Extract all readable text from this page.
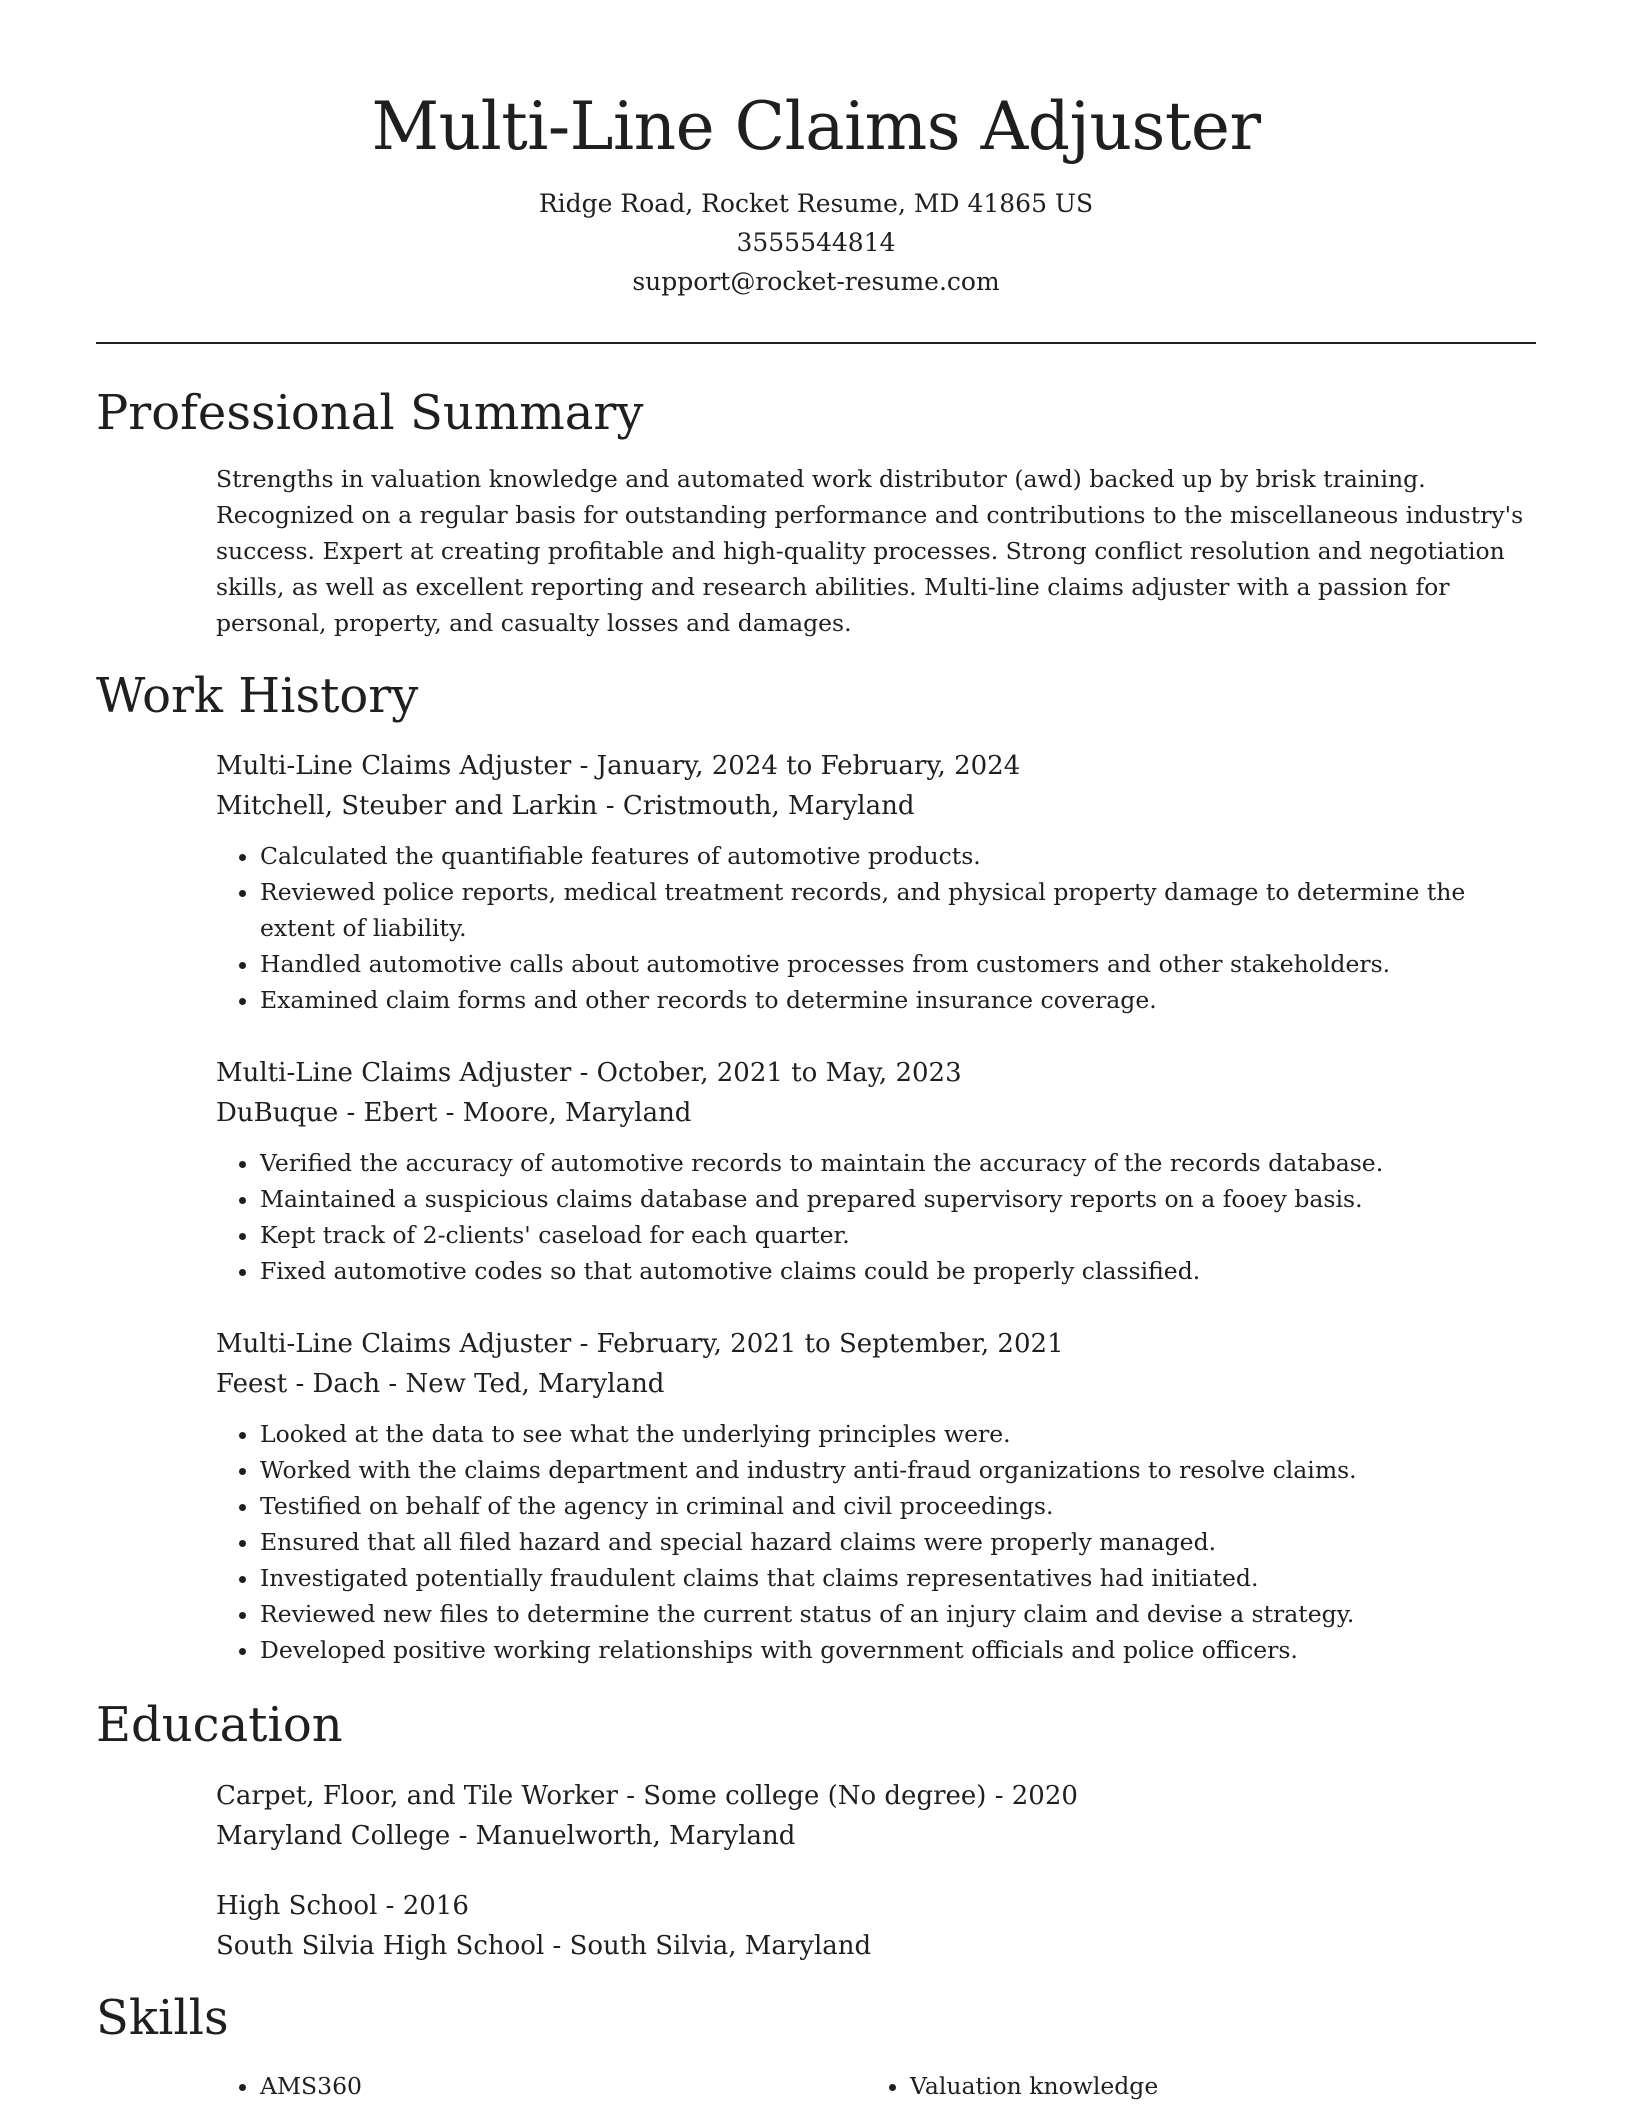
Multi-Line Claims Adjuster
Ridge Road, Rocket Resume, MD 41865 US
3555544814
support@rocket-resume.com
Professional Summary

Strengths in valuation knowledge and automated work distributor (awd) backed up by brisk training. Recognized on a regular basis for outstanding performance and contributions to the miscellaneous industry's success. Expert at creating profitable and high-quality processes. Strong conflict resolution and negotiation skills, as well as excellent reporting and research abilities. Multi-line claims adjuster with a passion for personal, property, and casualty losses and damages.

Work History
Multi-Line Claims Adjuster - January, 2024 to February, 2024
Mitchell, Steuber and Larkin - Cristmouth, Maryland
• Calculated the quantifiable features of automotive products.
• Reviewed police reports, medical treatment records, and physical property damage to determine the extent of liability.
• Handled automotive calls about automotive processes from customers and other stakeholders.
• Examined claim forms and other records to determine insurance coverage.
Multi-Line Claims Adjuster - October, 2021 to May, 2023
DuBuque - Ebert - Moore, Maryland
• Verified the accuracy of automotive records to maintain the accuracy of the records database.
• Maintained a suspicious claims database and prepared supervisory reports on a fooey basis.
• Kept track of 2-clients' caseload for each quarter.
• Fixed automotive codes so that automotive claims could be properly classified.
Multi-Line Claims Adjuster - February, 2021 to September, 2021
Feest - Dach - New Ted, Maryland
• Looked at the data to see what the underlying principles were.
• Worked with the claims department and industry anti-fraud organizations to resolve claims.
• Testified on behalf of the agency in criminal and civil proceedings.
• Ensured that all filed hazard and special hazard claims were properly managed.
• Investigated potentially fraudulent claims that claims representatives had initiated.
• Reviewed new files to determine the current status of an injury claim and devise a strategy.
• Developed positive working relationships with government officials and police officers.
Education
Carpet, Floor, and Tile Worker - Some college (No degree) - 2020
Maryland College - Manuelworth, Maryland
High School - 2016
South Silvia High School - South Silvia, Maryland
Skills
• AMS360
•	Valuation knowledge
